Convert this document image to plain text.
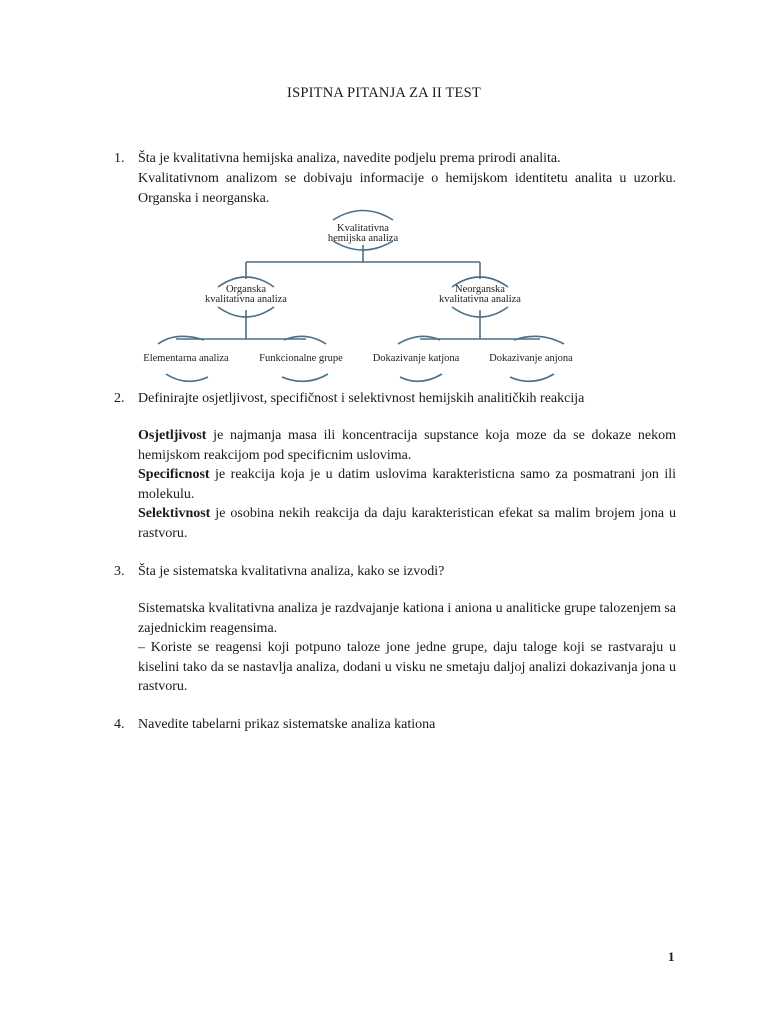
ISPITNA PITANJA ZA II TEST
1. Šta je kvalitativna hemijska analiza, navedite podjelu prema prirodi analita.

Kvalitativnom analizom se dobivaju informacije o hemijskom identitetu analita u uzorku. Organska i neorganska.

Kvalitativna
hemijska analiza
Organska
kvalitativna analiza
Neorganska
kvalitativna analiza
Elementarna analiza	Funkcionalne grupe	Dokazivanje katjona	Dokazivanje anjona
2. Definirajte osjetljivost, specifičnost i selektivnost hemijskih analitičkih reakcija

Osjetljivost je najmanja masa ili koncentracija supstance koja moze da se dokaze nekom hemijskom reakcijom pod specificnim uslovima.

Specificnost je reakcija koja je u datim uslovima karakteristicna samo za posmatrani jon ili molekulu.

Selektivnost je osobina nekih reakcija da daju karakteristican efekat sa malim brojem jona u rastvoru.

3. Šta je sistematska kvalitativna analiza, kako se izvodi?

Sistematska kvalitativna analiza je razdvajanje kationa i aniona u analiticke grupe talozenjem sa zajednickim reagensima.

– Koriste se reagensi koji potpuno taloze jone jedne grupe, daju taloge koji se rastvaraju u kiselini tako da se nastavlja analiza, dodani u visku ne smetaju daljoj analizi dokazivanja jona u rastvoru.

4. Navedite tabelarni prikaz sistematske analiza kationa
1
